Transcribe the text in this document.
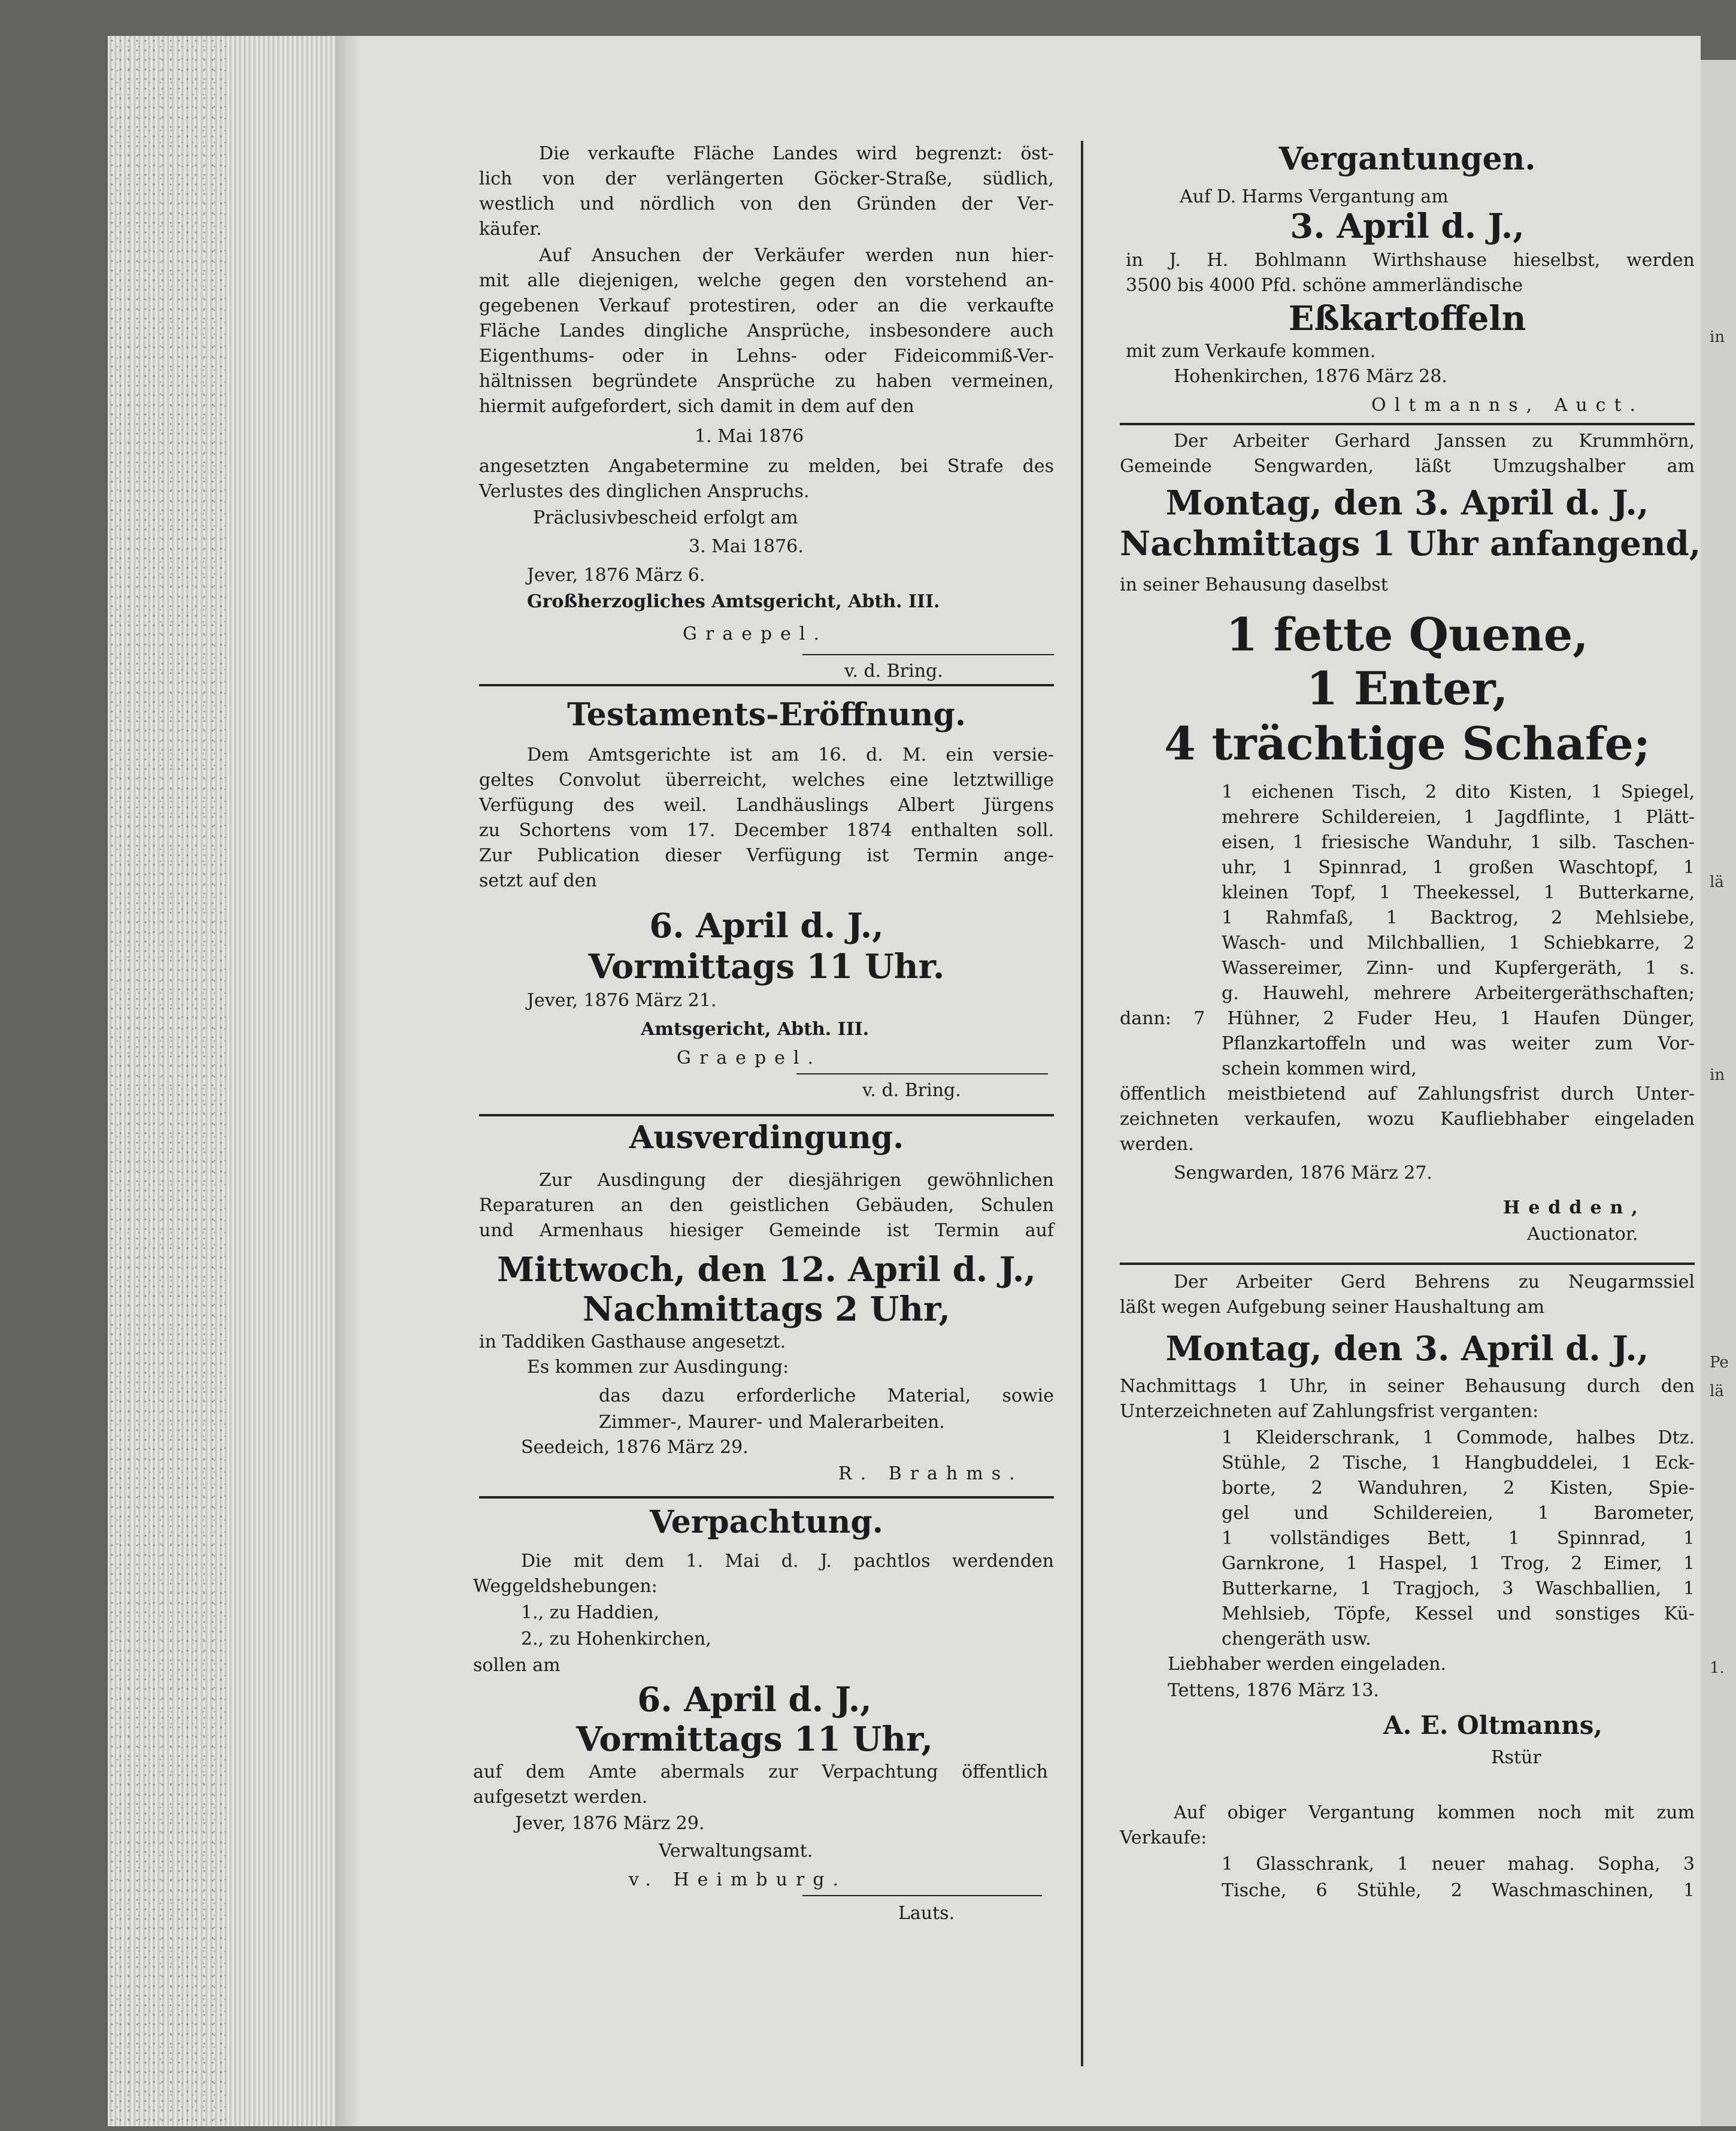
Die verkaufte Fläche Landes wird begrenzt: öst-
lich von der verlängerten Göcker-Straße, südlich,
westlich und nördlich von den Gründen der Ver-
käufer.
Auf Ansuchen der Verkäufer werden nun hier-
mit alle diejenigen, welche gegen den vorstehend an-
gegebenen Verkauf protestiren, oder an die verkaufte
Fläche Landes dingliche Ansprüche, insbesondere auch
Eigenthums- oder in Lehns- oder Fideicommiß-Ver-
hältnissen begründete Ansprüche zu haben vermeinen,
hiermit aufgefordert, sich damit in dem auf den
1. Mai 1876
angesetzten Angabetermine zu melden, bei Strafe des
Verlustes des dinglichen Anspruchs.
Präclusivbescheid erfolgt am
3. Mai 1876.
Jever, 1876 März 6.
Großherzogliches Amtsgericht, Abth. III.
Graepel.
v. d. Bring.
Testaments-Eröffnung.
Dem Amtsgerichte ist am 16. d. M. ein versie-
geltes Convolut überreicht, welches eine letztwillige
Verfügung des weil. Landhäuslings Albert Jürgens
zu Schortens vom 17. December 1874 enthalten soll.
Zur Publication dieser Verfügung ist Termin ange-
setzt auf den
6. April d. J.,
Vormittags 11 Uhr.
Jever, 1876 März 21.
Amtsgericht, Abth. III.
Graepel.
v. d. Bring.
Ausverdingung.
Zur Ausdingung der diesjährigen gewöhnlichen
Reparaturen an den geistlichen Gebäuden, Schulen
und Armenhaus hiesiger Gemeinde ist Termin auf
Mittwoch, den 12. April d. J.,
Nachmittags 2 Uhr,
in Taddiken Gasthause angesetzt.
Es kommen zur Ausdingung:
das dazu erforderliche Material, sowie
Zimmer-, Maurer- und Malerarbeiten.
Seedeich, 1876 März 29.
R. Brahms.
Verpachtung.
Die mit dem 1. Mai d. J. pachtlos werdenden
Weggeldshebungen:
1., zu Haddien,
2., zu Hohenkirchen,
sollen am
6. April d. J.,
Vormittags 11 Uhr,
auf dem Amte abermals zur Verpachtung öffentlich
aufgesetzt werden.
Jever, 1876 März 29.
Verwaltungsamt.
v. Heimburg.
Lauts.
Vergantungen.
Auf D. Harms Vergantung am
3. April d. J.,
in J. H. Bohlmann Wirthshause hieselbst, werden
3500 bis 4000 Pfd. schöne ammerländische
Eßkartoffeln
mit zum Verkaufe kommen.
Hohenkirchen, 1876 März 28.
Oltmanns, Auct.
Der Arbeiter Gerhard Janssen zu Krummhörn,
Gemeinde Sengwarden, läßt Umzugshalber am
Montag, den 3. April d. J.,
Nachmittags 1 Uhr anfangend,
in seiner Behausung daselbst
1 fette Quene,
1 Enter,
4 trächtige Schafe;
1 eichenen Tisch, 2 dito Kisten, 1 Spiegel,
mehrere Schildereien, 1 Jagdflinte, 1 Plätt-
eisen, 1 friesische Wanduhr, 1 silb. Taschen-
uhr, 1 Spinnrad, 1 großen Waschtopf, 1
kleinen Topf, 1 Theekessel, 1 Butterkarne,
1 Rahmfaß, 1 Backtrog, 2 Mehlsiebe,
Wasch- und Milchballien, 1 Schiebkarre, 2
Wassereimer, Zinn- und Kupfergeräth, 1 s.
g. Hauwehl, mehrere Arbeitergeräthschaften;
dann: 7 Hühner, 2 Fuder Heu, 1 Haufen Dünger,
Pflanzkartoffeln und was weiter zum Vor-
schein kommen wird,
öffentlich meistbietend auf Zahlungsfrist durch Unter-
zeichneten verkaufen, wozu Kaufliebhaber eingeladen
werden.
Sengwarden, 1876 März 27.
Hedden,
Auctionator.
Der Arbeiter Gerd Behrens zu Neugarmssiel
läßt wegen Aufgebung seiner Haushaltung am
Montag, den 3. April d. J.,
Nachmittags 1 Uhr, in seiner Behausung durch den
Unterzeichneten auf Zahlungsfrist verganten:
1 Kleiderschrank, 1 Commode, halbes Dtz.
Stühle, 2 Tische, 1 Hangbuddelei, 1 Eck-
borte, 2 Wanduhren, 2 Kisten, Spie-
gel und Schildereien, 1 Barometer,
1 vollständiges Bett, 1 Spinnrad, 1
Garnkrone, 1 Haspel, 1 Trog, 2 Eimer, 1
Butterkarne, 1 Tragjoch, 3 Waschballien, 1
Mehlsieb, Töpfe, Kessel und sonstiges Kü-
chengeräth usw.
Liebhaber werden eingeladen.
Tettens, 1876 März 13.
A. E. Oltmanns,
Rstür
Auf obiger Vergantung kommen noch mit zum
Verkaufe:
1 Glasschrank, 1 neuer mahag. Sopha, 3
Tische, 6 Stühle, 2 Waschmaschinen, 1
in
lä
in
Pe
lä
1.
